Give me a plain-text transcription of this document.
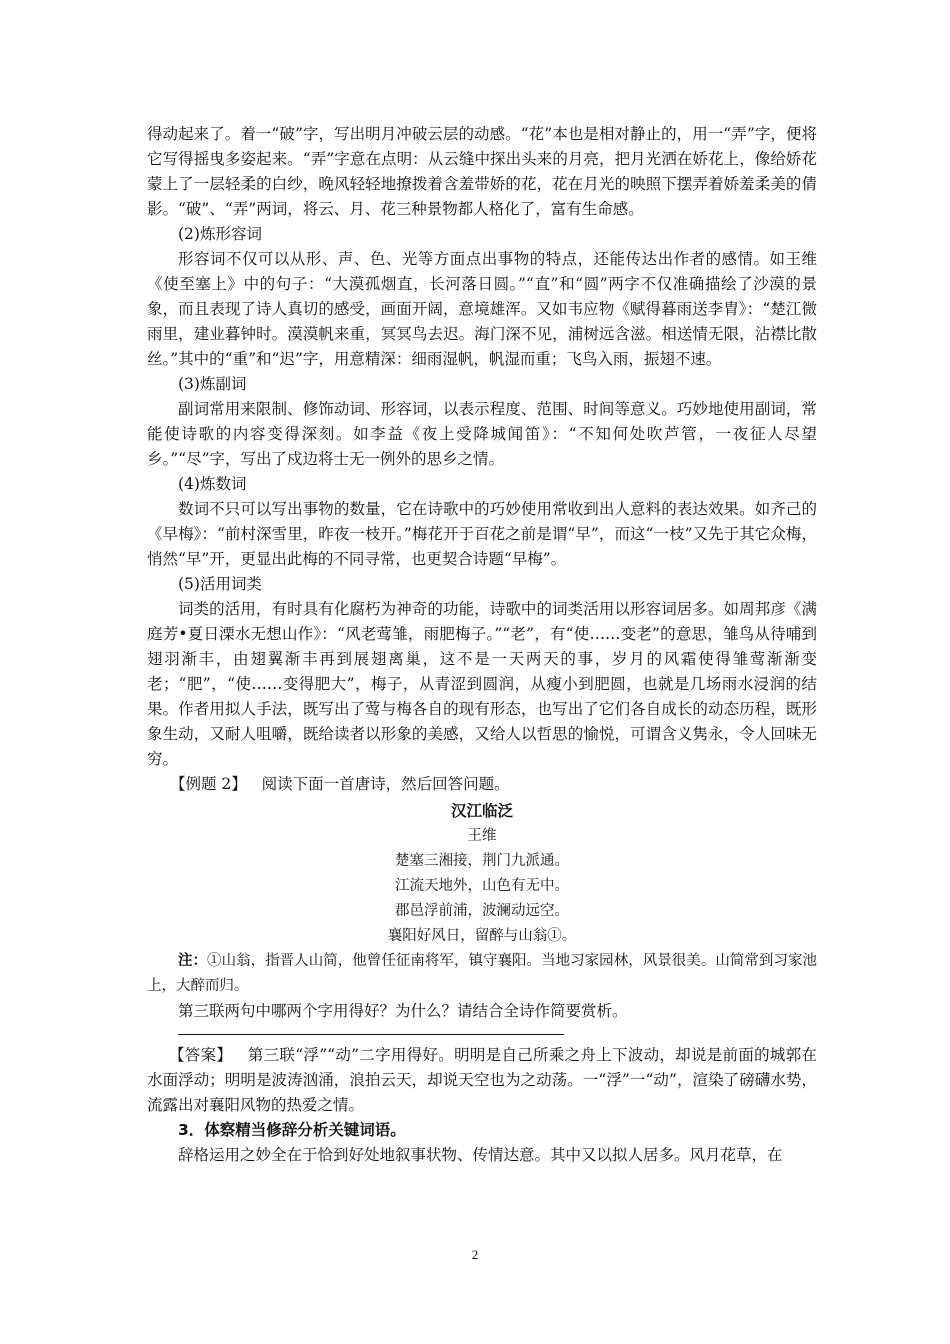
得动起来了。着一“破”字，写出明月冲破云层的动感。“花”本也是相对静止的，用一“弄”字，便将它写得摇曳多姿起来。“弄”字意在点明：从云缝中探出头来的月亮，把月光洒在娇花上，像给娇花蒙上了一层轻柔的白纱，晚风轻轻地撩拨着含羞带娇的花，花在月光的映照下摆弄着娇羞柔美的倩影。“破”、“弄”两词，将云、月、花三种景物都人格化了，富有生命感。

(2)炼形容词

形容词不仅可以从形、声、色、光等方面点出事物的特点，还能传达出作者的感情。如王维《使至塞上》中的句子：“大漠孤烟直，长河落日圆。”“直”和“圆”两字不仅准确描绘了沙漠的景象，而且表现了诗人真切的感受，画面开阔，意境雄浑。又如韦应物《赋得暮雨送李胄》：“楚江微雨里，建业暮钟时。漠漠帆来重，冥冥鸟去迟。海门深不见，浦树远含滋。相送情无限，沾襟比散丝。”其中的“重”和“迟”字，用意精深：细雨湿帆，帆湿而重；飞鸟入雨，振翅不速。

(3)炼副词

副词常用来限制、修饰动词、形容词，以表示程度、范围、时间等意义。巧妙地使用副词，常能使诗歌的内容变得深刻。如李益《夜上受降城闻笛》：“不知何处吹芦管，一夜征人尽望乡。”“尽”字，写出了戍边将士无一例外的思乡之情。

(4)炼数词

数词不只可以写出事物的数量，它在诗歌中的巧妙使用常收到出人意料的表达效果。如齐己的《早梅》：“前村深雪里，昨夜一枝开。”梅花开于百花之前是谓“早”，而这“一枝”又先于其它众梅，悄然“早”开，更显出此梅的不同寻常，也更契合诗题“早梅”。

(5)活用词类

词类的活用，有时具有化腐朽为神奇的功能，诗歌中的词类活用以形容词居多。如周邦彦《满庭芳•夏日溧水无想山作》：“风老莺雏，雨肥梅子。”“老”，有“使……变老”的意思，雏鸟从待哺到翅羽渐丰，由翅翼渐丰再到展翅离巢，这不是一天两天的事，岁月的风霜使得雏莺渐渐变老；“肥”，“使……变得肥大”，梅子，从青涩到圆润，从瘦小到肥圆，也就是几场雨水浸润的结果。作者用拟人手法，既写出了莺与梅各自的现有形态，也写出了它们各自成长的动态历程，既形象生动，又耐人咀嚼，既给读者以形象的美感，又给人以哲思的愉悦，可谓含义隽永，令人回味无穷。

【例题 2】 阅读下面一首唐诗，然后回答问题。

汉江临泛

王维

楚塞三湘接，荆门九派通。

江流天地外，山色有无中。

郡邑浮前浦，波澜动远空。

襄阳好风日，留醉与山翁①。

注：①山翁，指晋人山简，他曾任征南将军，镇守襄阳。当地习家园林，风景很美。山简常到习家池上，大醉而归。

第三联两句中哪两个字用得好？为什么？请结合全诗作简要赏析。

【答案】 第三联“浮”“动”二字用得好。明明是自己所乘之舟上下波动，却说是前面的城郭在水面浮动；明明是波涛汹涌，浪拍云天，却说天空也为之动荡。一“浮”一“动”，渲染了磅礴水势，流露出对襄阳风物的热爱之情。

3．体察精当修辞分析关键词语。

辞格运用之妙全在于恰到好处地叙事状物、传情达意。其中又以拟人居多。风月花草，在

2
